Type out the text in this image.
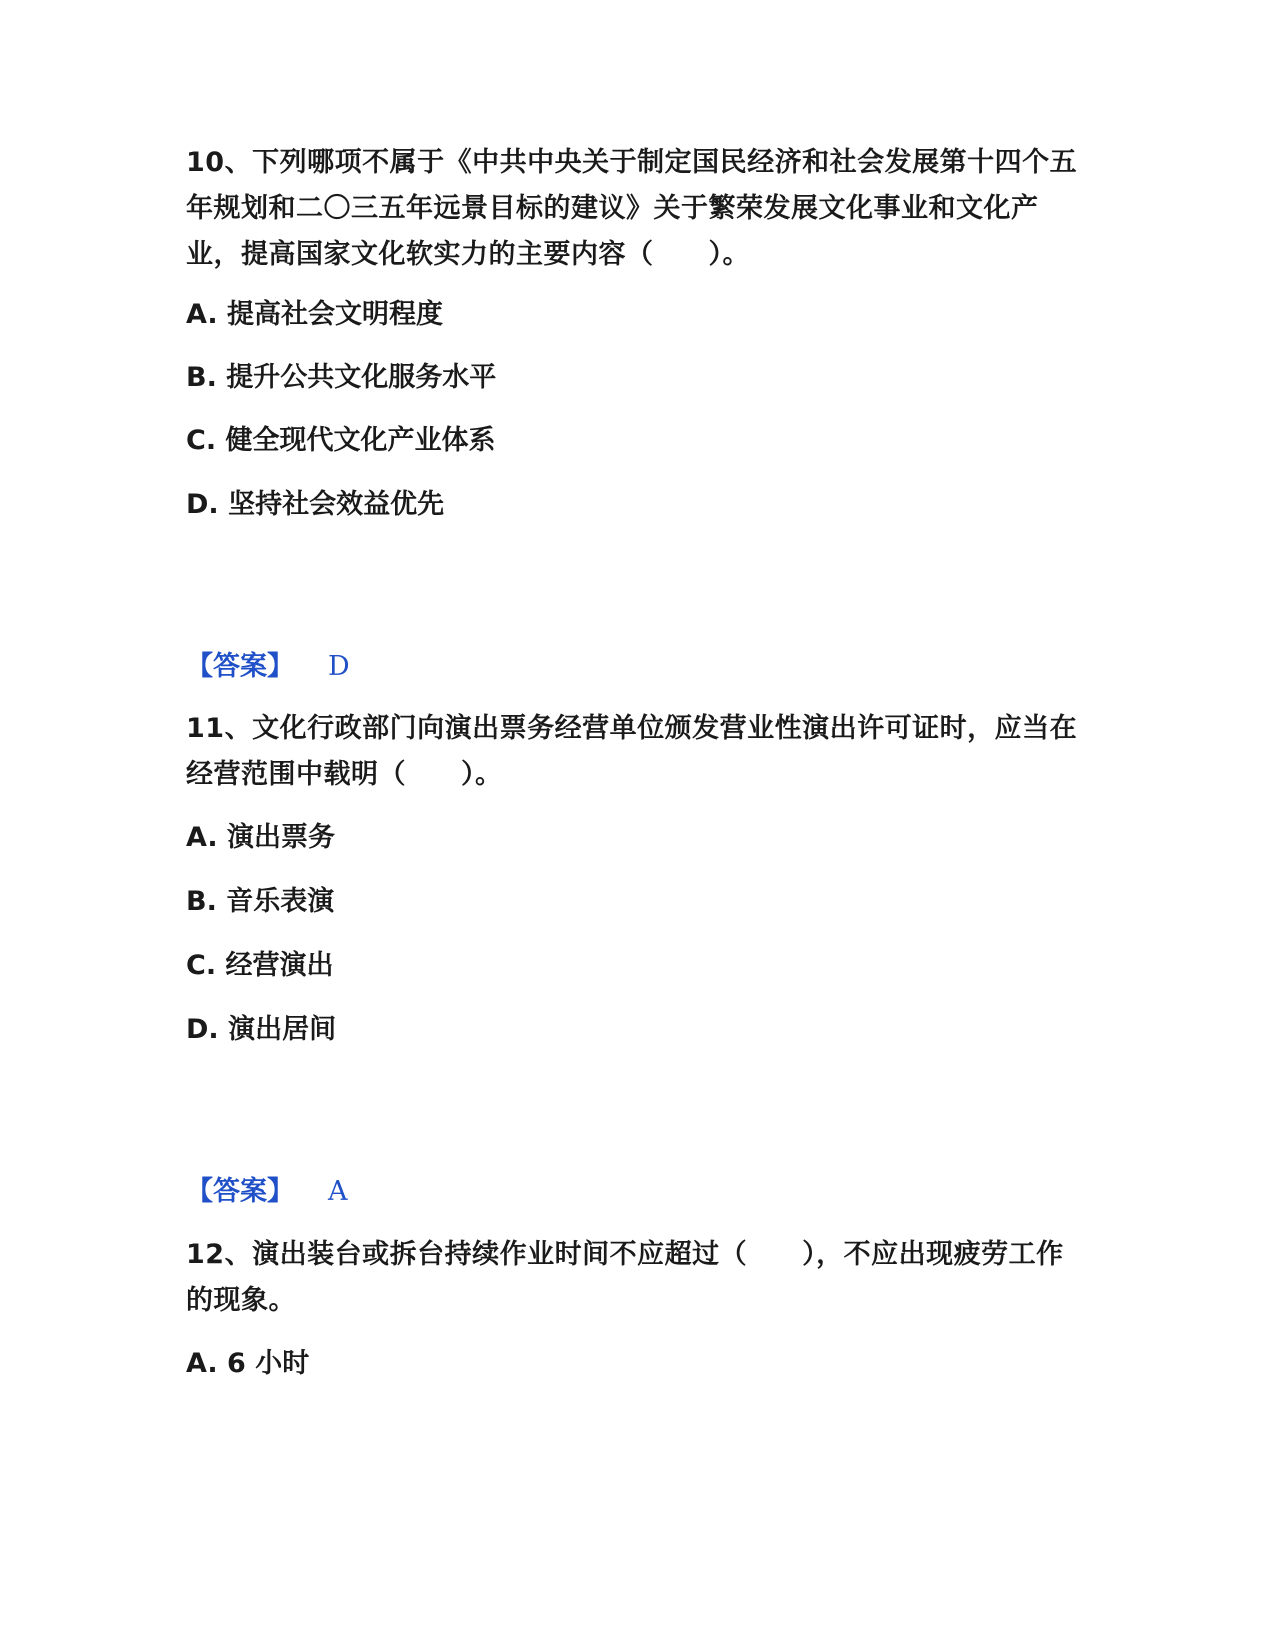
10、下列哪项不属于《中共中央关于制定国民经济和社会发展第十四个五年规划和二〇三五年远景目标的建议》关于繁荣发展文化事业和文化产业，提高国家文化软实力的主要内容（　　）。
A. 提高社会文明程度
B. 提升公共文化服务水平
C. 健全现代文化产业体系
D. 坚持社会效益优先
【答案】 D
11、文化行政部门向演出票务经营单位颁发营业性演出许可证时，应当在经营范围中载明（　　）。
A. 演出票务
B. 音乐表演
C. 经营演出
D. 演出居间
【答案】 A
12、演出装台或拆台持续作业时间不应超过（　　），不应出现疲劳工作的现象。
A. 6 小时
